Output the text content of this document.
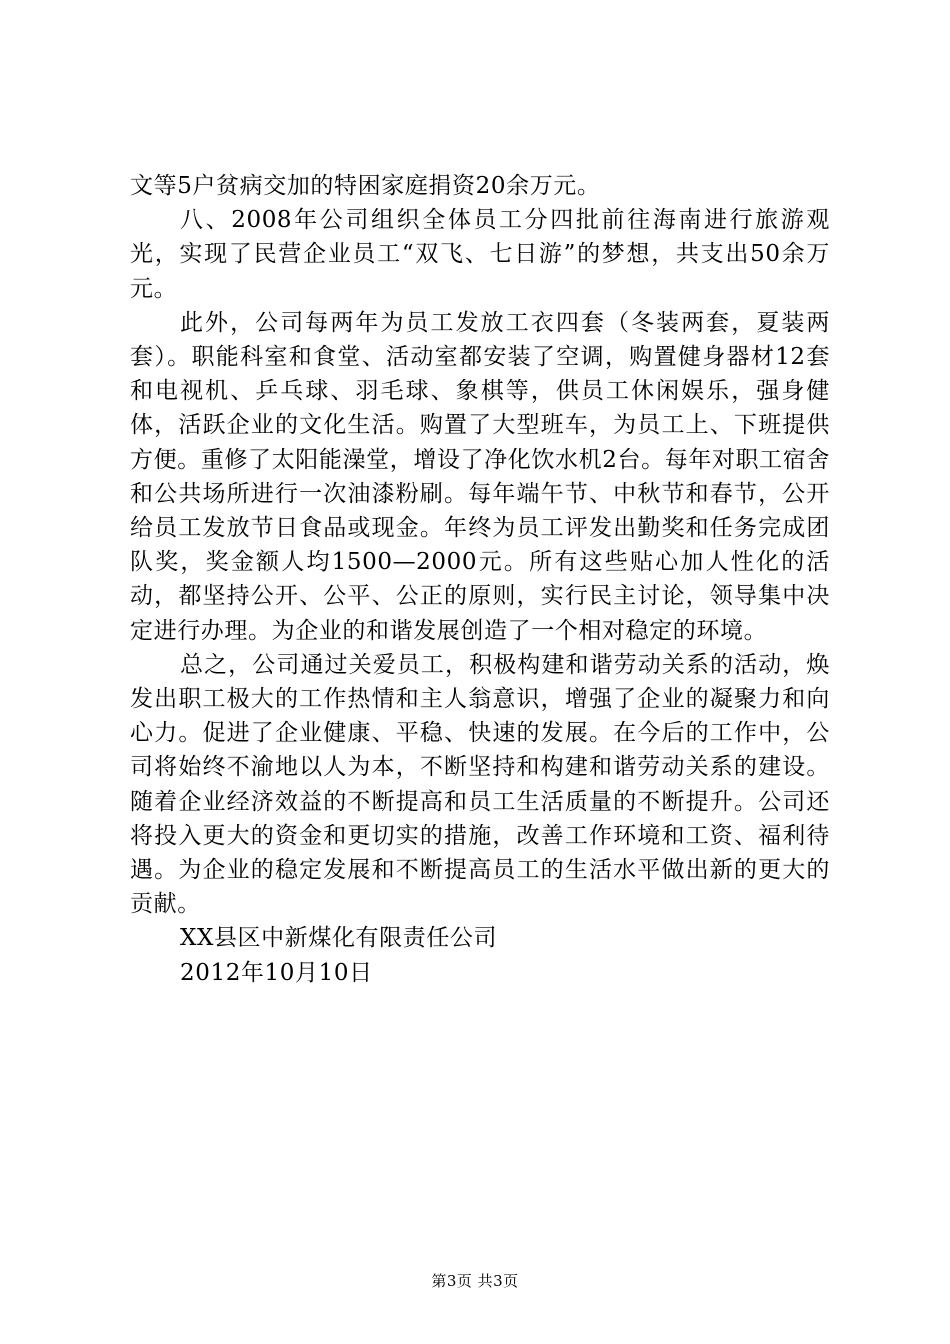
文等5户贫病交加的特困家庭捐资20余万元。

八、2008年公司组织全体员工分四批前往海南进行旅游观光，实现了民营企业员工“双飞、七日游”的梦想，共支出50余万元。

此外，公司每两年为员工发放工衣四套（冬装两套，夏装两套）。职能科室和食堂、活动室都安装了空调，购置健身器材12套和电视机、乒乓球、羽毛球、象棋等，供员工休闲娱乐，强身健体，活跃企业的文化生活。购置了大型班车，为员工上、下班提供方便。重修了太阳能澡堂，增设了净化饮水机2台。每年对职工宿舍和公共场所进行一次油漆粉刷。每年端午节、中秋节和春节，公开给员工发放节日食品或现金。年终为员工评发出勤奖和任务完成团队奖，奖金额人均1500—2000元。所有这些贴心加人性化的活动，都坚持公开、公平、公正的原则，实行民主讨论，领导集中决定进行办理。为企业的和谐发展创造了一个相对稳定的环境。

总之，公司通过关爱员工，积极构建和谐劳动关系的活动，焕发出职工极大的工作热情和主人翁意识，增强了企业的凝聚力和向心力。促进了企业健康、平稳、快速的发展。在今后的工作中，公司将始终不渝地以人为本，不断坚持和构建和谐劳动关系的建设。随着企业经济效益的不断提高和员工生活质量的不断提升。公司还将投入更大的资金和更切实的措施，改善工作环境和工资、福利待遇。为企业的稳定发展和不断提高员工的生活水平做出新的更大的贡献。

XX县区中新煤化有限责任公司

2012年10月10日

第3页 共3页
